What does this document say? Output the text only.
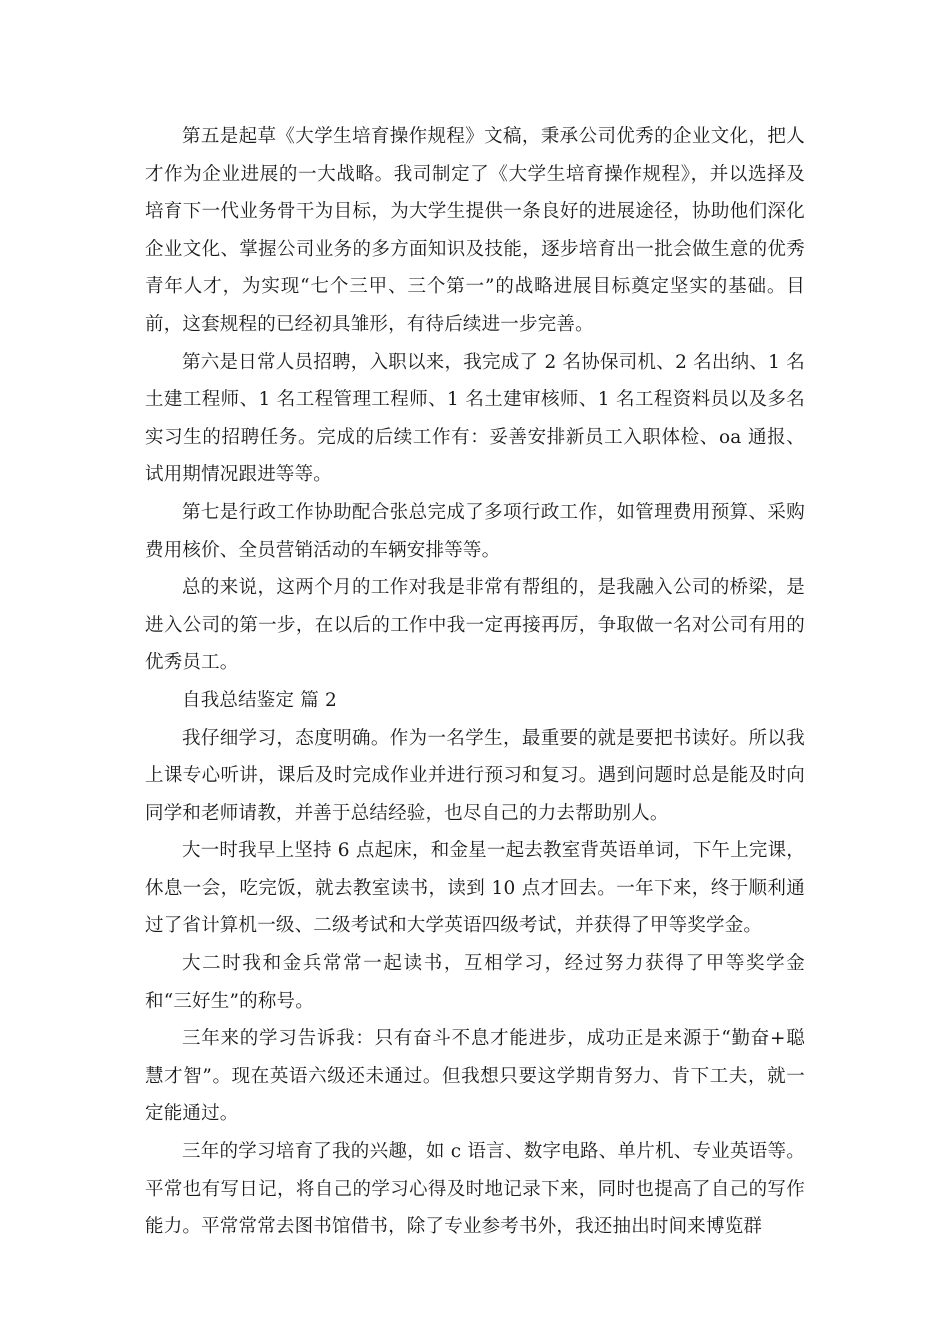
第五是起草《大学生培育操作规程》文稿，秉承公司优秀的企业文化，把人才作为企业进展的一大战略。我司制定了《大学生培育操作规程》，并以选择及培育下一代业务骨干为目标，为大学生提供一条良好的进展途径，协助他们深化企业文化、掌握公司业务的多方面知识及技能，逐步培育出一批会做生意的优秀青年人才，为实现“七个三甲、三个第一”的战略进展目标奠定坚实的基础。目前，这套规程的已经初具雏形，有待后续进一步完善。

第六是日常人员招聘，入职以来，我完成了 2 名协保司机、2 名出纳、1 名土建工程师、1 名工程管理工程师、1 名土建审核师、1 名工程资料员以及多名实习生的招聘任务。完成的后续工作有：妥善安排新员工入职体检、oa 通报、试用期情况跟进等等。

第七是行政工作协助配合张总完成了多项行政工作，如管理费用预算、采购费用核价、全员营销活动的车辆安排等等。

总的来说，这两个月的工作对我是非常有帮组的，是我融入公司的桥梁，是进入公司的第一步，在以后的工作中我一定再接再厉，争取做一名对公司有用的优秀员工。

自我总结鉴定 篇 2

我仔细学习，态度明确。作为一名学生，最重要的就是要把书读好。所以我上课专心听讲，课后及时完成作业并进行预习和复习。遇到问题时总是能及时向同学和老师请教，并善于总结经验，也尽自己的力去帮助别人。

大一时我早上坚持 6 点起床，和金星一起去教室背英语单词，下午上完课，休息一会，吃完饭，就去教室读书，读到 10 点才回去。一年下来，终于顺利通过了省计算机一级、二级考试和大学英语四级考试，并获得了甲等奖学金。

大二时我和金兵常常一起读书，互相学习，经过努力获得了甲等奖学金和“三好生”的称号。

三年来的学习告诉我：只有奋斗不息才能进步，成功正是来源于“勤奋+聪慧才智”。现在英语六级还未通过。但我想只要这学期肯努力、肯下工夫，就一定能通过。

三年的学习培育了我的兴趣，如 c 语言、数字电路、单片机、专业英语等。平常也有写日记，将自己的学习心得及时地记录下来，同时也提高了自己的写作能力。平常常常去图书馆借书，除了专业参考书外，我还抽出时间来博览群
